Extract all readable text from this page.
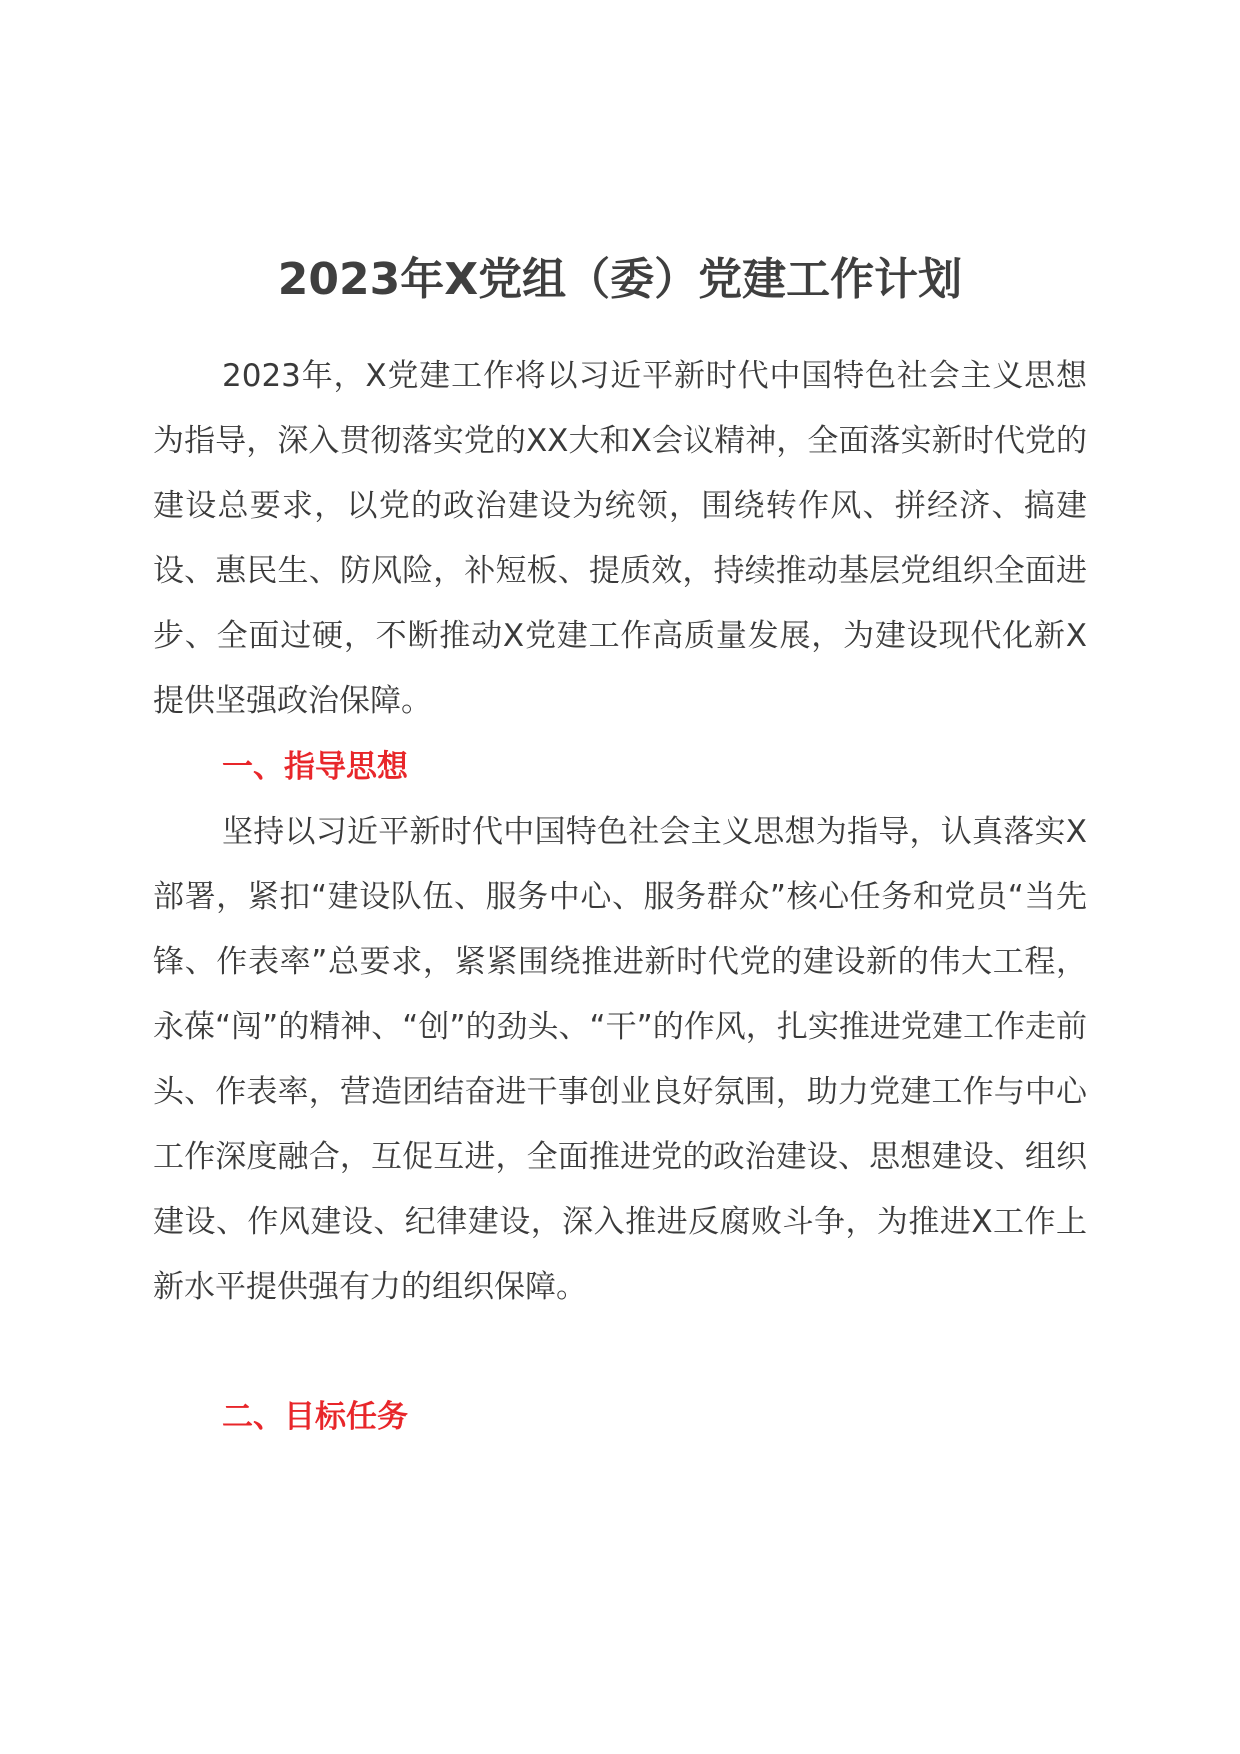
2023年X党组（委）党建工作计划

2023年，X党建工作将以习近平新时代中国特色社会主义思想为指导，深入贯彻落实党的XX大和X会议精神，全面落实新时代党的建设总要求，以党的政治建设为统领，围绕转作风、拼经济、搞建设、惠民生、防风险，补短板、提质效，持续推动基层党组织全面进步、全面过硬，不断推动X党建工作高质量发展，为建设现代化新X提供坚强政治保障。

一、指导思想

坚持以习近平新时代中国特色社会主义思想为指导，认真落实X部署，紧扣“建设队伍、服务中心、服务群众”核心任务和党员“当先锋、作表率”总要求，紧紧围绕推进新时代党的建设新的伟大工程，永葆“闯”的精神、“创”的劲头、“干”的作风，扎实推进党建工作走前头、作表率，营造团结奋进干事创业良好氛围，助力党建工作与中心工作深度融合，互促互进，全面推进党的政治建设、思想建设、组织建设、作风建设、纪律建设，深入推进反腐败斗争，为推进X工作上新水平提供强有力的组织保障。

二、目标任务
